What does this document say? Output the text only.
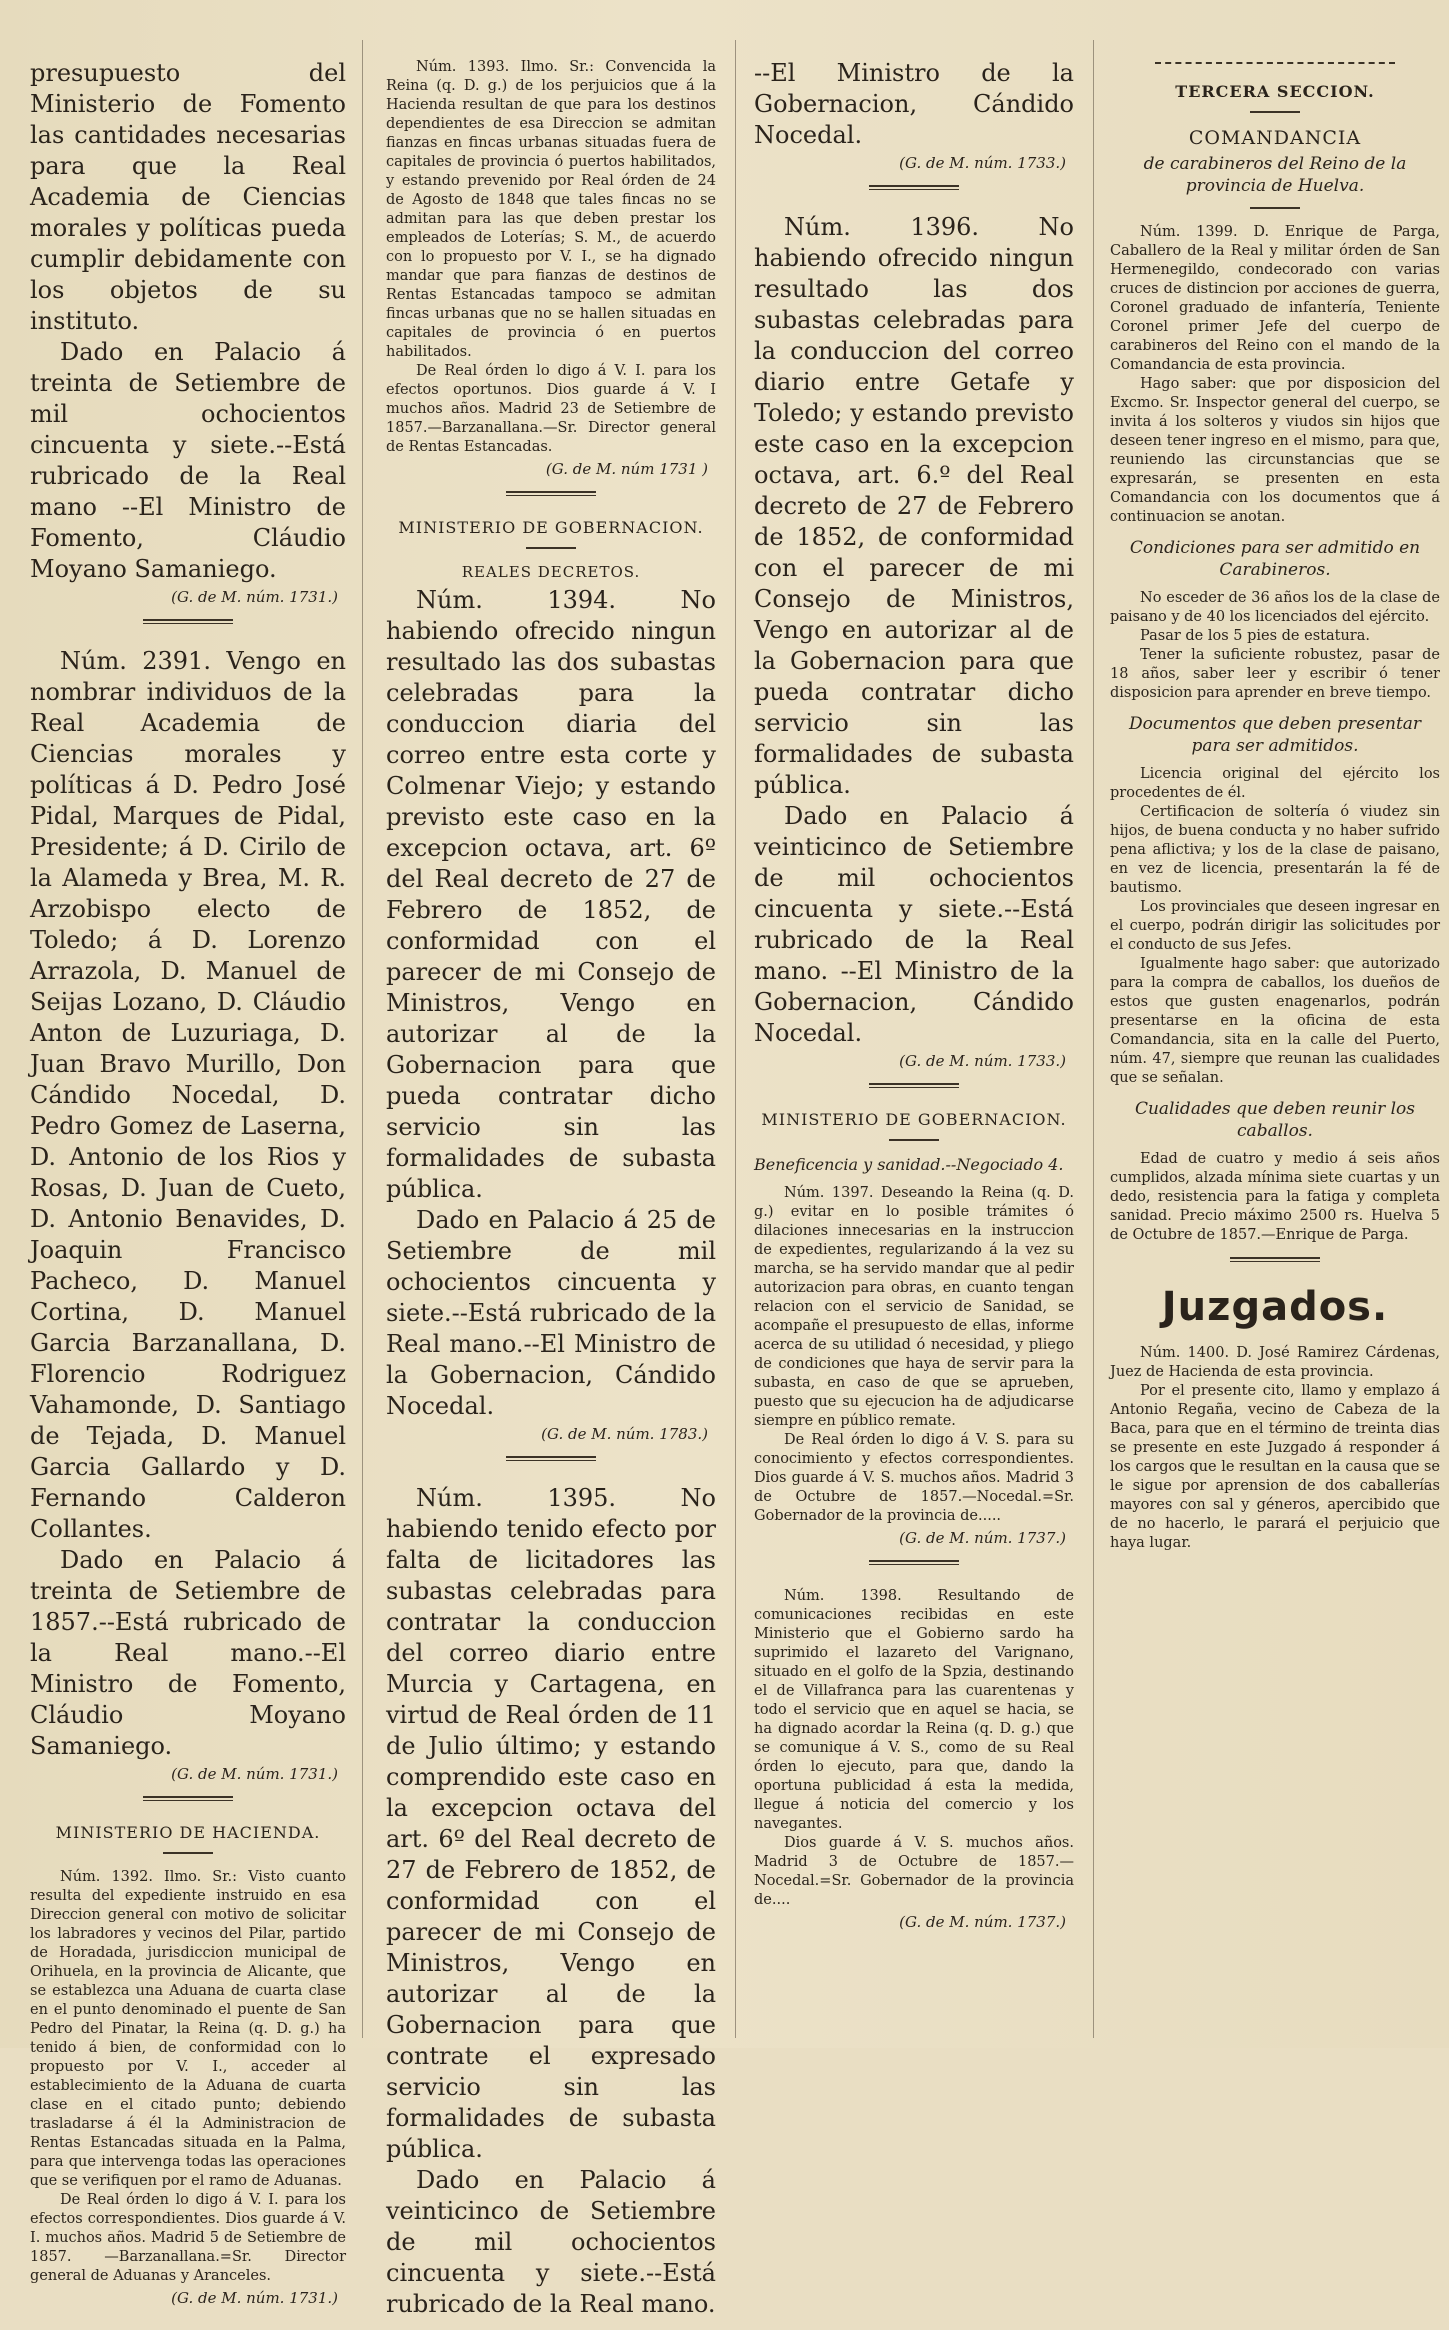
presupuesto del Ministerio de Fomento las cantidades necesarias para que la Real Academia de Ciencias morales y políticas pueda cumplir debidamente con los objetos de su instituto.

Dado en Palacio á treinta de Setiembre de mil ochocientos cincuenta y siete.--Está rubricado de la Real mano --El Ministro de Fomento, Cláudio Moyano Samaniego.

(G. de M. núm. 1731.)

Núm. 2391. Vengo en nombrar individuos de la Real Academia de Ciencias morales y políticas á D. Pedro José Pidal, Marques de Pidal, Presidente; á D. Cirilo de la Alameda y Brea, M. R. Arzobispo electo de Toledo; á D. Lorenzo Arrazola, D. Manuel de Seijas Lozano, D. Cláudio Anton de Luzuriaga, D. Juan Bravo Murillo, Don Cándido Nocedal, D. Pedro Gomez de Laserna, D. Antonio de los Rios y Rosas, D. Juan de Cueto, D. Antonio Benavides, D. Joaquin Francisco Pacheco, D. Manuel Cortina, D. Manuel Garcia Barzanallana, D. Florencio Rodriguez Vahamonde, D. Santiago de Tejada, D. Manuel Garcia Gallardo y D. Fernando Calderon Collantes.

Dado en Palacio á treinta de Setiembre de 1857.--Está rubricado de la Real mano.--El Ministro de Fomento, Cláudio Moyano Samaniego.

(G. de M. núm. 1731.)
MINISTERIO DE HACIENDA.

Núm. 1392. Ilmo. Sr.: Visto cuanto resulta del expediente instruido en esa Direccion general con motivo de solicitar los labradores y vecinos del Pilar, partido de Horadada, jurisdiccion municipal de Orihuela, en la provincia de Alicante, que se establezca una Aduana de cuarta clase en el punto denominado el puente de San Pedro del Pinatar, la Reina (q. D. g.) ha tenido á bien, de conformidad con lo propuesto por V. I., acceder al establecimiento de la Aduana de cuarta clase en el citado punto; debiendo trasladarse á él la Administracion de Rentas Estancadas situada en la Palma, para que intervenga todas las operaciones que se verifiquen por el ramo de Aduanas.

De Real órden lo digo á V. I. para los efectos correspondientes. Dios guarde á V. I. muchos años. Madrid 5 de Setiembre de 1857. —Barzanallana.=Sr. Director general de Aduanas y Aranceles.

(G. de M. núm. 1731.)

Núm. 1393. Ilmo. Sr.: Convencida la Reina (q. D. g.) de los perjuicios que á la Hacienda resultan de que para los destinos dependientes de esa Direccion se admitan fianzas en fincas urbanas situadas fuera de capitales de provincia ó puertos habilitados, y estando prevenido por Real órden de 24 de Agosto de 1848 que tales fincas no se admitan para las que deben prestar los empleados de Loterías; S. M., de acuerdo con lo propuesto por V. I., se ha dignado mandar que para fianzas de destinos de Rentas Estancadas tampoco se admitan fincas urbanas que no se hallen situadas en capitales de provincia ó en puertos habilitados.

De Real órden lo digo á V. I. para los efectos oportunos. Dios guarde á V. I muchos años. Madrid 23 de Setiembre de 1857.—Barzanallana.—Sr. Director general de Rentas Estancadas.

(G. de M. núm 1731 )
MINISTERIO DE GOBERNACION.
REALES DECRETOS.

Núm. 1394. No habiendo ofrecido ningun resultado las dos subastas celebradas para la conduccion diaria del correo entre esta corte y Colmenar Viejo; y estando previsto este caso en la excepcion octava, art. 6º del Real decreto de 27 de Febrero de 1852, de conformidad con el parecer de mi Consejo de Ministros, Vengo en autorizar al de la Gobernacion para que pueda contratar dicho servicio sin las formalidades de subasta pública.

Dado en Palacio á 25 de Setiembre de mil ochocientos cincuenta y siete.--Está rubricado de la Real mano.--El Ministro de la Gobernacion, Cándido Nocedal.

(G. de M. núm. 1783.)

Núm. 1395. No habiendo tenido efecto por falta de licitadores las subastas celebradas para contratar la conduccion del correo diario entre Murcia y Cartagena, en virtud de Real órden de 11 de Julio último; y estando comprendido este caso en la excepcion octava del art. 6º del Real decreto de 27 de Febrero de 1852, de conformidad con el parecer de mi Consejo de Ministros, Vengo en autorizar al de la Gobernacion para que contrate el expresado servicio sin las formalidades de subasta pública.

Dado en Palacio á veinticinco de Setiembre de mil ochocientos cincuenta y siete.--Está rubricado de la Real mano.

--El Ministro de la Gobernacion, Cándido Nocedal.

(G. de M. núm. 1733.)

Núm. 1396. No habiendo ofrecido ningun resultado las dos subastas celebradas para la conduccion del correo diario entre Getafe y Toledo; y estando previsto este caso en la excepcion octava, art. 6.º del Real decreto de 27 de Febrero de 1852, de conformidad con el parecer de mi Consejo de Ministros, Vengo en autorizar al de la Gobernacion para que pueda contratar dicho servicio sin las formalidades de subasta pública.

Dado en Palacio á veinticinco de Setiembre de mil ochocientos cincuenta y siete.--Está rubricado de la Real mano. --El Ministro de la Gobernacion, Cándido Nocedal.

(G. de M. núm. 1733.)
MINISTERIO DE GOBERNACION.
Beneficencia y sanidad.--Negociado 4.

Núm. 1397. Deseando la Reina (q. D. g.) evitar en lo posible trámites ó dilaciones innecesarias en la instruccion de expedientes, regularizando á la vez su marcha, se ha servido mandar que al pedir autorizacion para obras, en cuanto tengan relacion con el servicio de Sanidad, se acompañe el presupuesto de ellas, informe acerca de su utilidad ó necesidad, y pliego de condiciones que haya de servir para la subasta, en caso de que se aprueben, puesto que su ejecucion ha de adjudicarse siempre en público remate.

De Real órden lo digo á V. S. para su conocimiento y efectos correspondientes. Dios guarde á V. S. muchos años. Madrid 3 de Octubre de 1857.—Nocedal.=Sr. Gobernador de la provincia de.....

(G. de M. núm. 1737.)

Núm. 1398. Resultando de comunicaciones recibidas en este Ministerio que el Gobierno sardo ha suprimido el lazareto del Varignano, situado en el golfo de la Spzia, destinando el de Villafranca para las cuarentenas y todo el servicio que en aquel se hacia, se ha dignado acordar la Reina (q. D. g.) que se comunique á V. S., como de su Real órden lo ejecuto, para que, dando la oportuna publicidad á esta la medida, llegue á noticia del comercio y los navegantes.

Dios guarde á V. S. muchos años. Madrid 3 de Octubre de 1857.—Nocedal.=Sr. Gobernador de la provincia de....

(G. de M. núm. 1737.)
TERCERA SECCION.
COMANDANCIA
de carabineros del Reino de la provincia de Huelva.

Núm. 1399. D. Enrique de Parga, Caballero de la Real y militar órden de San Hermenegildo, condecorado con varias cruces de distincion por acciones de guerra, Coronel graduado de infantería, Teniente Coronel primer Jefe del cuerpo de carabineros del Reino con el mando de la Comandancia de esta provincia.

Hago saber: que por disposicion del Excmo. Sr. Inspector general del cuerpo, se invita á los solteros y viudos sin hijos que deseen tener ingreso en el mismo, para que, reuniendo las circunstancias que se expresarán, se presenten en esta Comandancia con los documentos que á continuacion se anotan.

Condiciones para ser admitido en Carabineros.

No esceder de 36 años los de la clase de paisano y de 40 los licenciados del ejército.

Pasar de los 5 pies de estatura.

Tener la suficiente robustez, pasar de 18 años, saber leer y escribir ó tener disposicion para aprender en breve tiempo.

Documentos que deben presentar para ser admitidos.

Licencia original del ejército los procedentes de él.

Certificacion de soltería ó viudez sin hijos, de buena conducta y no haber sufrido pena aflictiva; y los de la clase de paisano, en vez de licencia, presentarán la fé de bautismo.

Los provinciales que deseen ingresar en el cuerpo, podrán dirigir las solicitudes por el conducto de sus Jefes.

Igualmente hago saber: que autorizado para la compra de caballos, los dueños de estos que gusten enagenarlos, podrán presentarse en la oficina de esta Comandancia, sita en la calle del Puerto, núm. 47, siempre que reunan las cualidades que se señalan.

Cualidades que deben reunir los caballos.

Edad de cuatro y medio á seis años cumplidos, alzada mínima siete cuartas y un dedo, resistencia para la fatiga y completa sanidad. Precio máximo 2500 rs. Huelva 5 de Octubre de 1857.—Enrique de Parga.

Juzgados.

Núm. 1400. D. José Ramirez Cárdenas, Juez de Hacienda de esta provincia.

Por el presente cito, llamo y emplazo á Antonio Regaña, vecino de Cabeza de la Baca, para que en el término de treinta dias se presente en este Juzgado á responder á los cargos que le resultan en la causa que se le sigue por aprension de dos caballerías mayores con sal y géneros, apercibido que de no hacerlo, le parará el perjuicio que haya lugar.
